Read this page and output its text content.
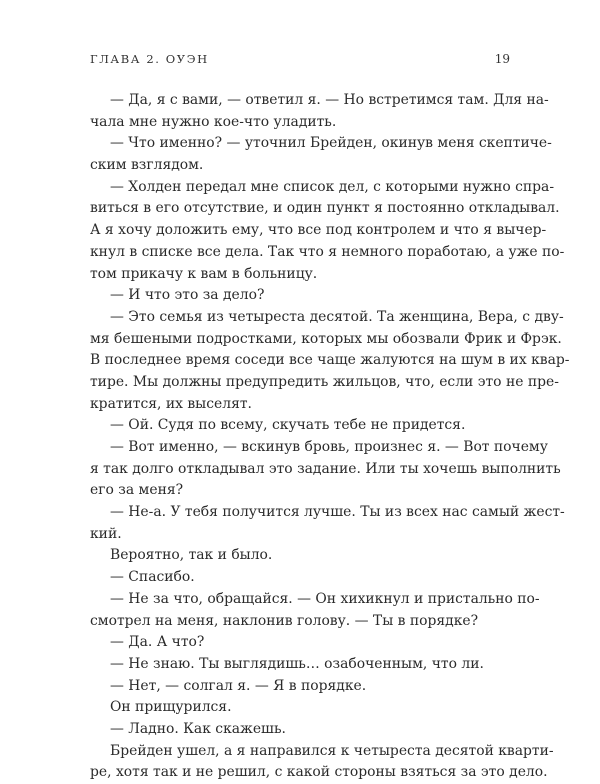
ГЛАВА 2. ОУЭН	19
— Да, я с вами, — ответил я. — Но встретимся там. Для на-
чала мне нужно кое-что уладить.
— Что именно? — уточнил Брейден, окинув меня скептиче-
ским взглядом.
— Холден передал мне список дел, с которыми нужно спра-
виться в его отсутствие, и один пункт я постоянно откладывал.
А я хочу доложить ему, что все под контролем и что я вычер-
кнул в списке все дела. Так что я немного поработаю, а уже по-
том прикачу к вам в больницу.
— И что это за дело?
— Это семья из четыреста десятой. Та женщина, Вера, с дву-
мя бешеными подростками, которых мы обозвали Фрик и Фрэк.
В последнее время соседи все чаще жалуются на шум в их квар-
тире. Мы должны предупредить жильцов, что, если это не пре-
кратится, их выселят.
— Ой. Судя по всему, скучать тебе не придется.
— Вот именно, — вскинув бровь, произнес я. — Вот почему
я так долго откладывал это задание. Или ты хочешь выполнить
его за меня?
— Не-а. У тебя получится лучше. Ты из всех нас самый жест-
кий.
Вероятно, так и было.
— Спасибо.
— Не за что, обращайся. — Он хихикнул и пристально по-
смотрел на меня, наклонив голову. — Ты в порядке?
— Да. А что?
— Не знаю. Ты выглядишь… озабоченным, что ли.
— Нет, — солгал я. — Я в порядке.
Он прищурился.
— Ладно. Как скажешь.
Брейден ушел, а я направился к четыреста десятой кварти-
ре, хотя так и не решил, с какой стороны взяться за это дело.
